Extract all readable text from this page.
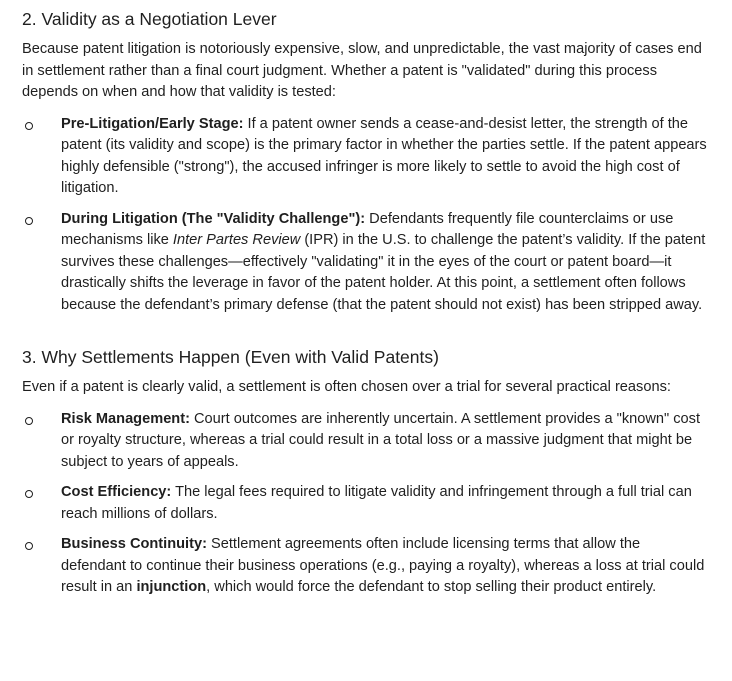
2. Validity as a Negotiation Lever

Because patent litigation is notoriously expensive, slow, and unpredictable, the vast majority of cases end in settlement rather than a final court judgment. Whether a patent is "validated" during this process depends on when and how that validity is tested:

Pre-Litigation/Early Stage: If a patent owner sends a cease-and-desist letter, the strength of the patent (its validity and scope) is the primary factor in whether the parties settle. If the patent appears highly defensible ("strong"), the accused infringer is more likely to settle to avoid the high cost of litigation.
During Litigation (The "Validity Challenge"): Defendants frequently file counterclaims or use mechanisms like Inter Partes Review (IPR) in the U.S. to challenge the patent’s validity. If the patent survives these challenges—effectively "validating" it in the eyes of the court or patent board—it drastically shifts the leverage in favor of the patent holder. At this point, a settlement often follows because the defendant’s primary defense (that the patent should not exist) has been stripped away.
3. Why Settlements Happen (Even with Valid Patents)

Even if a patent is clearly valid, a settlement is often chosen over a trial for several practical reasons:

Risk Management: Court outcomes are inherently uncertain. A settlement provides a "known" cost or royalty structure, whereas a trial could result in a total loss or a massive judgment that might be subject to years of appeals.
Cost Efficiency: The legal fees required to litigate validity and infringement through a full trial can reach millions of dollars.
Business Continuity: Settlement agreements often include licensing terms that allow the defendant to continue their business operations (e.g., paying a royalty), whereas a loss at trial could result in an injunction, which would force the defendant to stop selling their product entirely.
